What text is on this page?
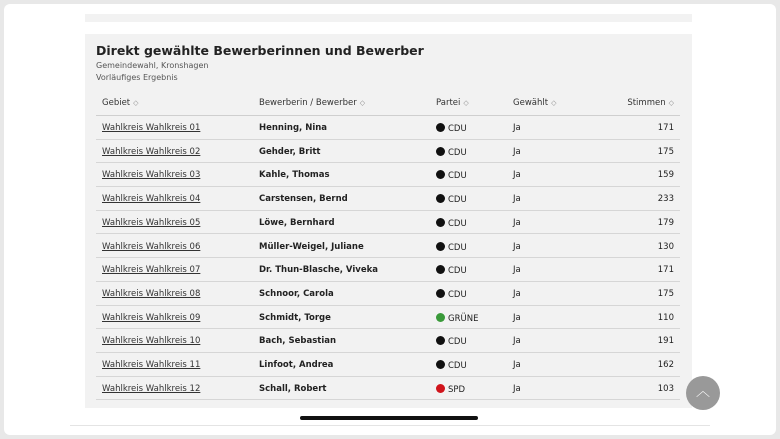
Direkt gewählte Bewerberinnen und Bewerber
Gemeindewahl, Kronshagen
Vorläufiges Ergebnis
Gebiet ◇	Bewerberin / Bewerber ◇	Partei ◇	Gewählt ◇	Stimmen ◇
Wahlkreis Wahlkreis 01	Henning, Nina	CDU	Ja	171
Wahlkreis Wahlkreis 02	Gehder, Britt	CDU	Ja	175
Wahlkreis Wahlkreis 03	Kahle, Thomas	CDU	Ja	159
Wahlkreis Wahlkreis 04	Carstensen, Bernd	CDU	Ja	233
Wahlkreis Wahlkreis 05	Löwe, Bernhard	CDU	Ja	179
Wahlkreis Wahlkreis 06	Müller-Weigel, Juliane	CDU	Ja	130
Wahlkreis Wahlkreis 07	Dr. Thun-Blasche, Viveka	CDU	Ja	171
Wahlkreis Wahlkreis 08	Schnoor, Carola	CDU	Ja	175
Wahlkreis Wahlkreis 09	Schmidt, Torge	GRÜNE	Ja	110
Wahlkreis Wahlkreis 10	Bach, Sebastian	CDU	Ja	191
Wahlkreis Wahlkreis 11	Linfoot, Andrea	CDU	Ja	162
Wahlkreis Wahlkreis 12	Schall, Robert	SPD	Ja	103	︿
